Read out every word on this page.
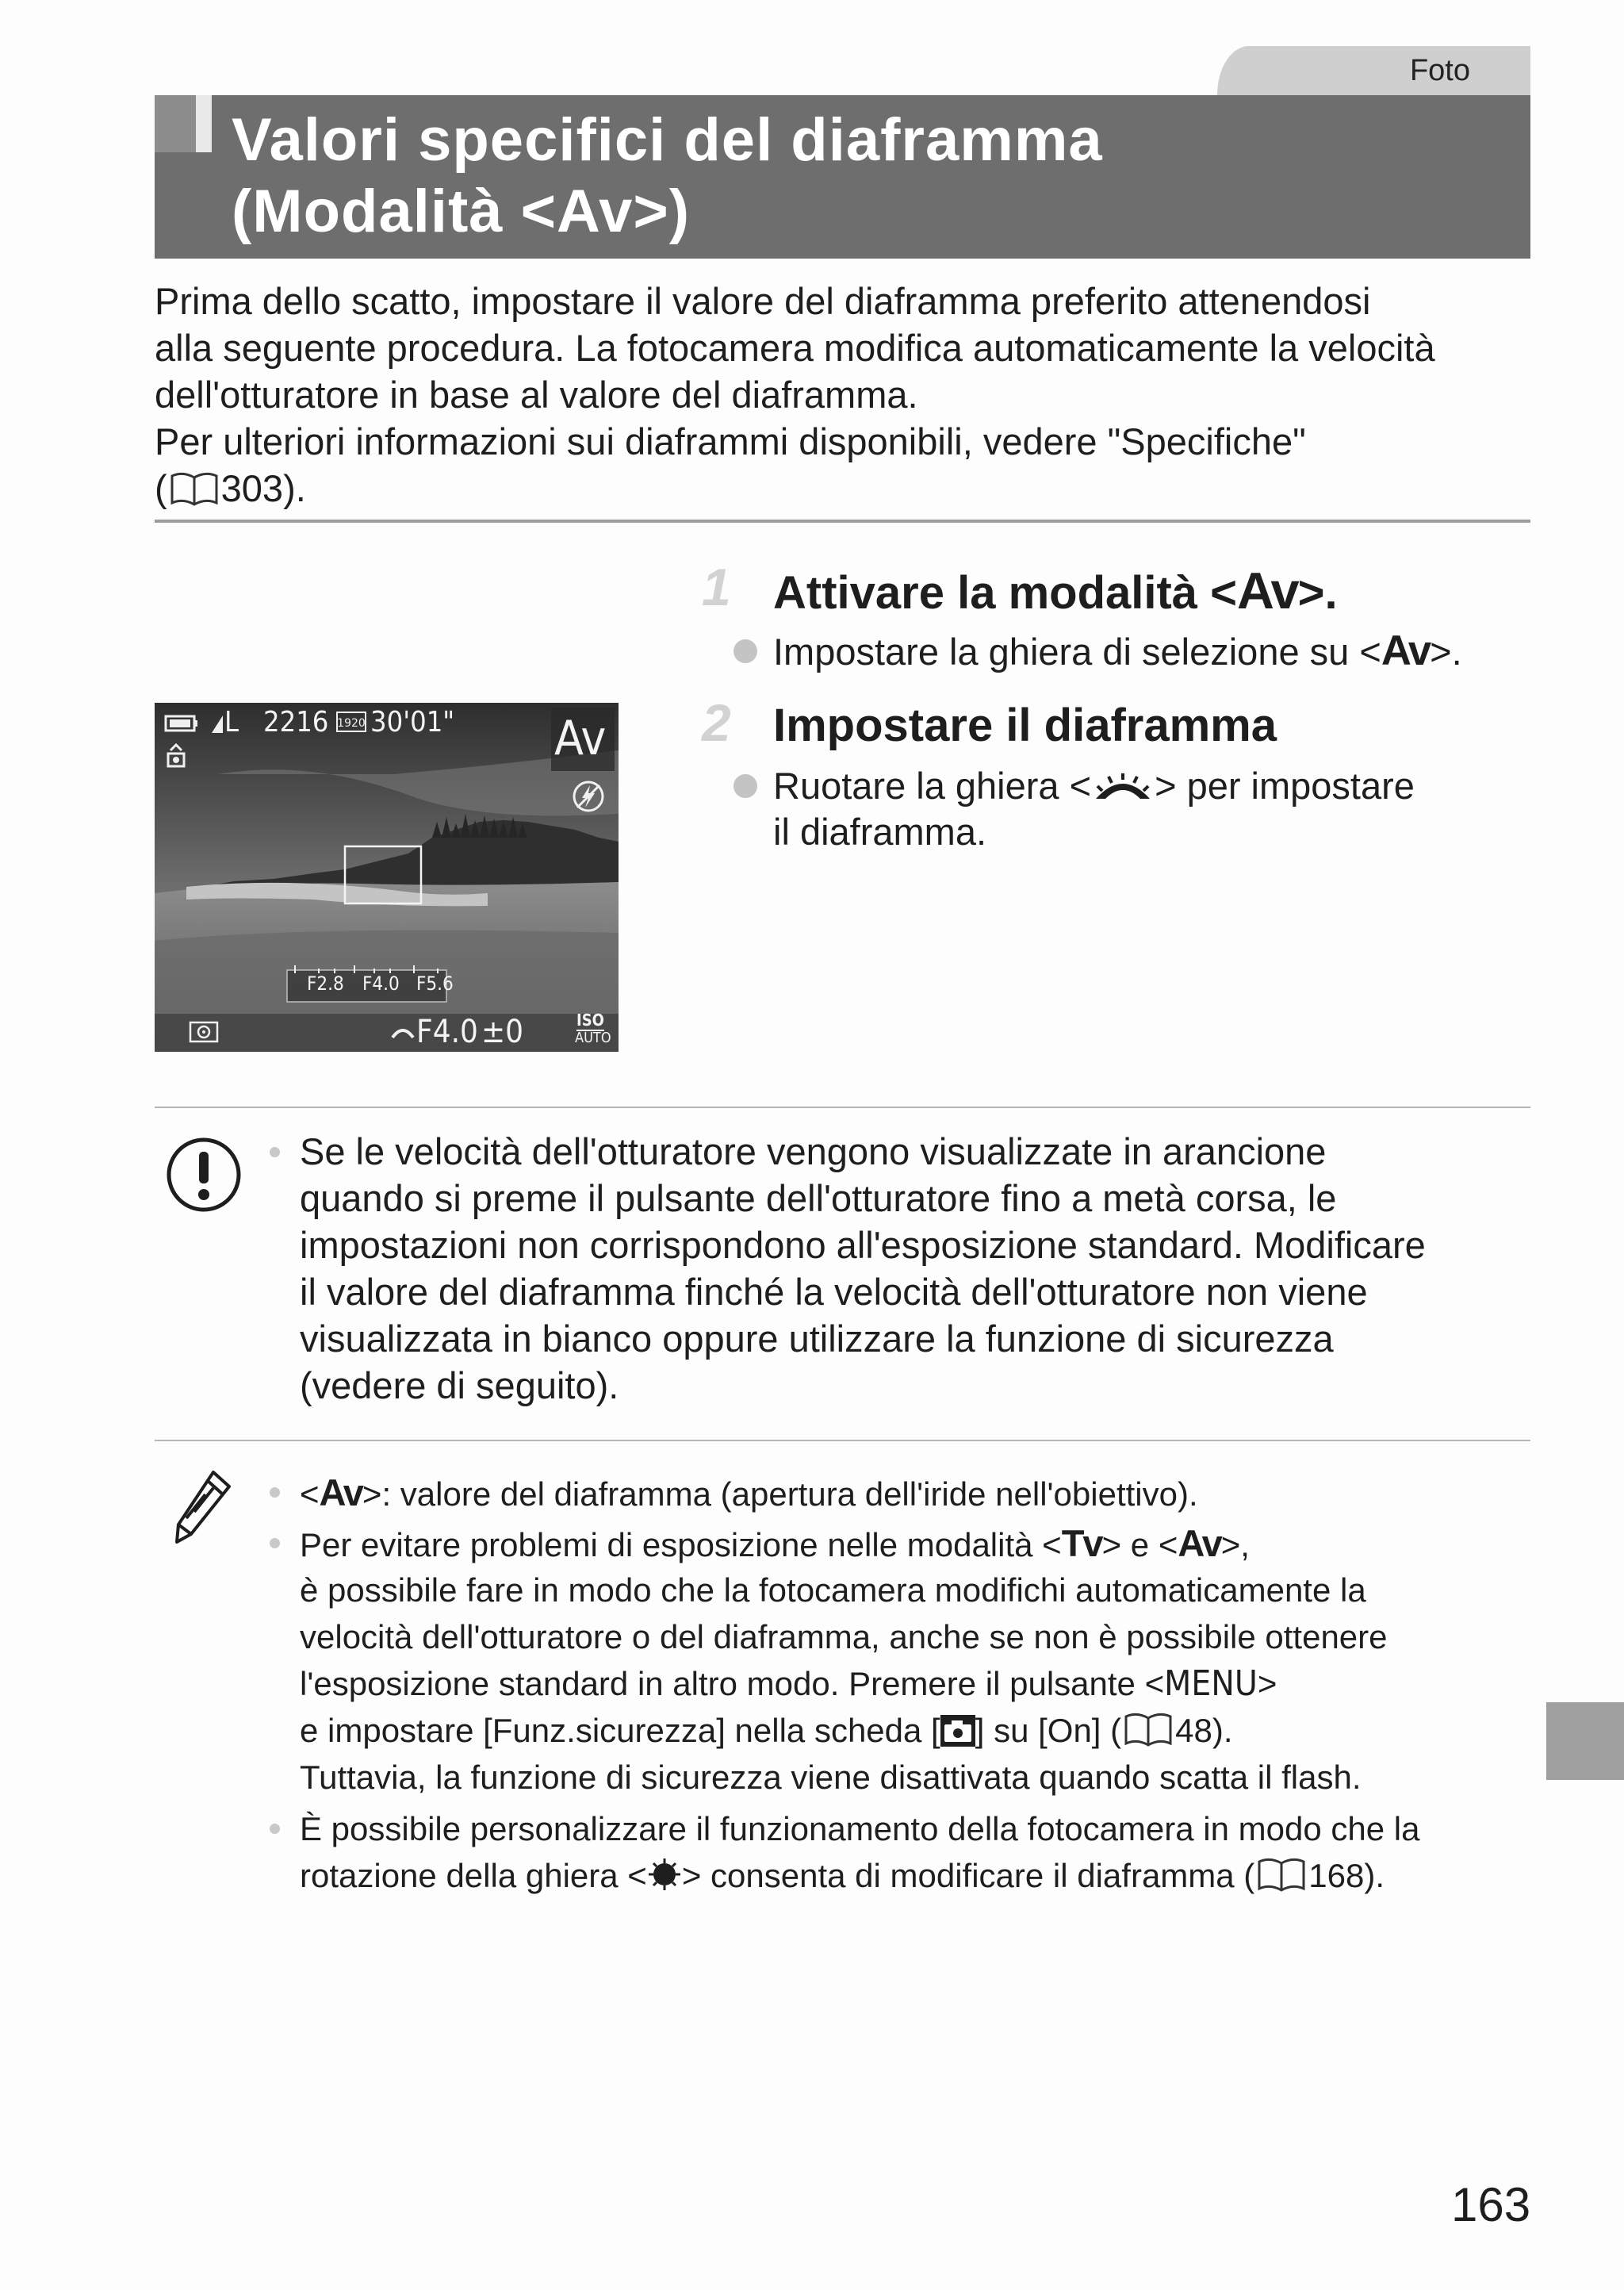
Foto
Valori specifici del diaframma
(Modalità <Av>)

Prima dello scatto, impostare il valore del diaframma preferito attenendosi

alla seguente procedura. La fotocamera modifica automaticamente la velocità

dell'otturatore in base al valore del diaframma.

Per ulteriori informazioni sui diaframmi disponibili, vedere "Specifiche"

( 303).

L 2216 1920 30'01" Av
F2.8 F4.0 F5.6
F4.0 ±0	ISO
AUTO
1 Attivare la modalità <Av>.
Impostare la ghiera di selezione su <Av>.
2 Impostare il diaframma
Ruotare la ghiera < > per impostare
il diaframma.
Se le velocità dell'otturatore vengono visualizzate in arancione
quando si preme il pulsante dell'otturatore fino a metà corsa, le
impostazioni non corrispondono all'esposizione standard. Modificare
il valore del diaframma finché la velocità dell'otturatore non viene
visualizzata in bianco oppure utilizzare la funzione di sicurezza
(vedere di seguito).
<Av>: valore del diaframma (apertura dell'iride nell'obiettivo).
Per evitare problemi di esposizione nelle modalità <Tv> e <Av>,
è possibile fare in modo che la fotocamera modifichi automaticamente la
velocità dell'otturatore o del diaframma, anche se non è possibile ottenere
l'esposizione standard in altro modo. Premere il pulsante <MENU>
e impostare [Funz.sicurezza] nella scheda [ ] su [On] ( 48).
Tuttavia, la funzione di sicurezza viene disattivata quando scatta il flash.
È possibile personalizzare il funzionamento della fotocamera in modo che la
rotazione della ghiera < > consenta di modificare il diaframma ( 168).
163
